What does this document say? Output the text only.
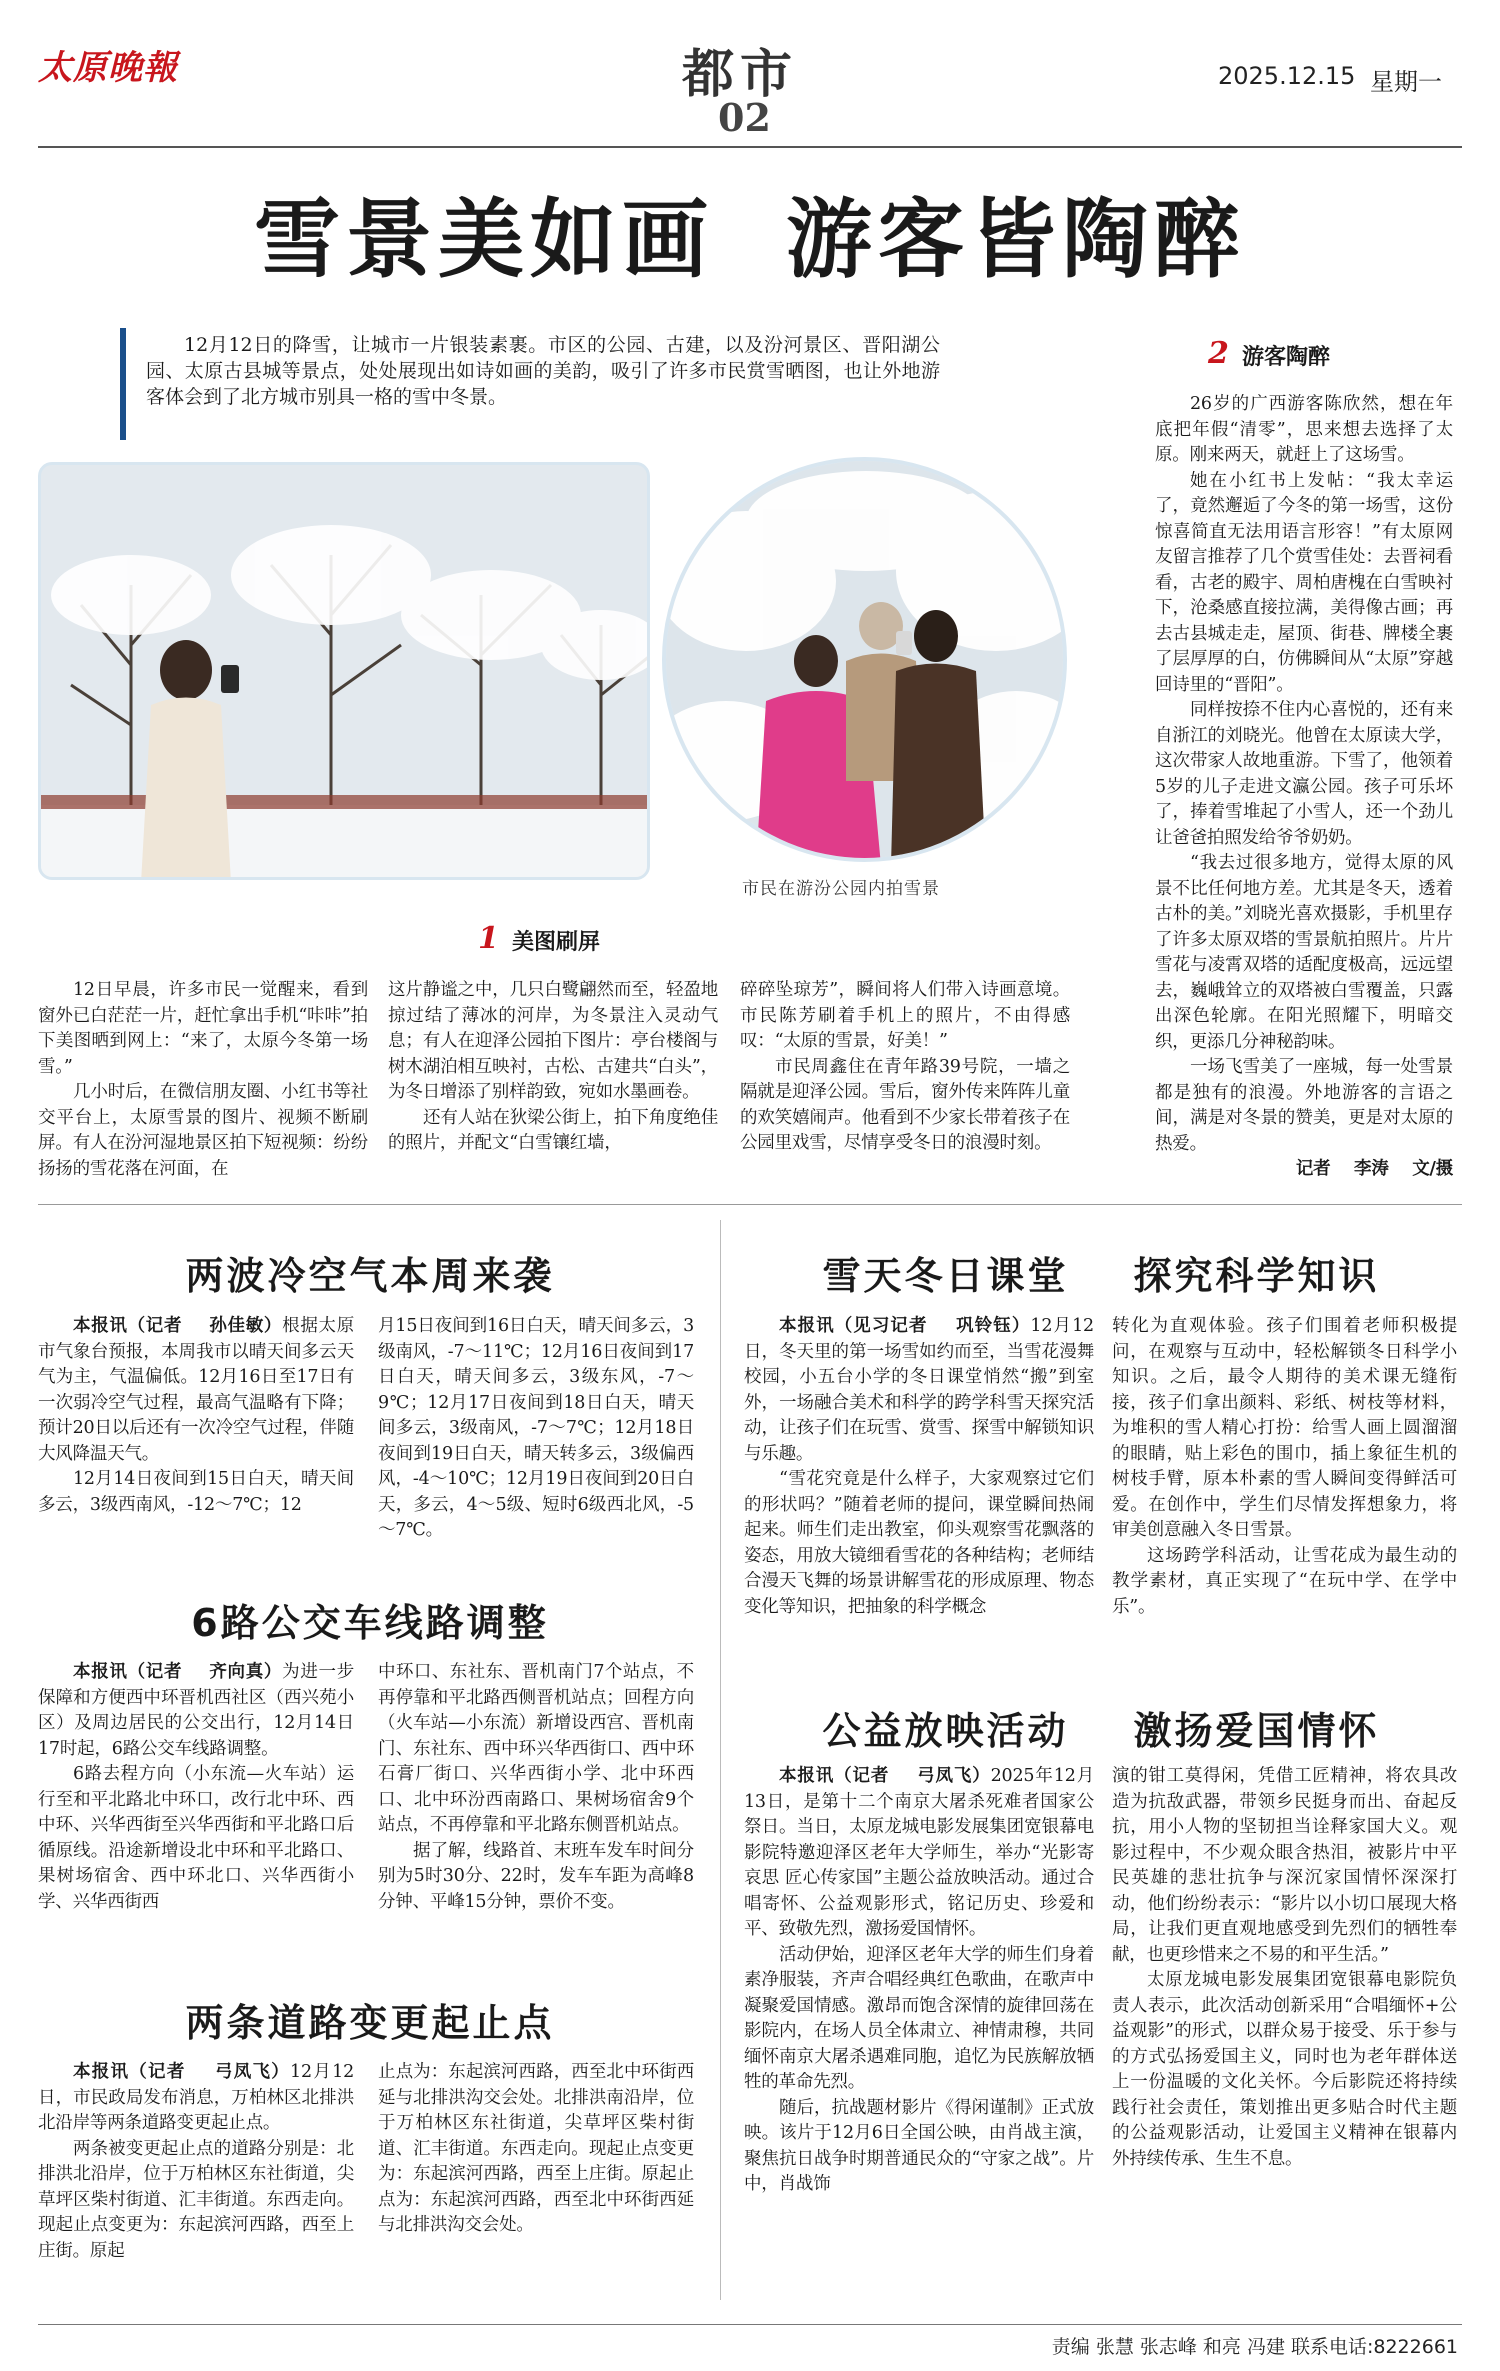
太原晚報	都市
02
2025.12.15 星期一
雪景美如画  游客皆陶醉
12月12日的降雪，让城市一片银装素裹。市区的公园、古建，以及汾河景区、晋阳湖公园、太原古县城等景点，处处展现出如诗如画的美韵，吸引了许多市民赏雪晒图，也让外地游客体会到了北方城市别具一格的雪中冬景。
市民在游汾公园内拍雪景
1 美图刷屏

12日早晨，许多市民一觉醒来，看到窗外已白茫茫一片，赶忙拿出手机“咔咔”拍下美图晒到网上：“来了，太原今冬第一场雪。”

几小时后，在微信朋友圈、小红书等社交平台上，太原雪景的图片、视频不断刷屏。有人在汾河湿地景区拍下短视频：纷纷扬扬的雪花落在河面，在

这片静谧之中，几只白鹭翩然而至，轻盈地掠过结了薄冰的河岸，为冬景注入灵动气息；有人在迎泽公园拍下图片：亭台楼阁与树木湖泊相互映衬，古松、古建共“白头”，为冬日增添了别样韵致，宛如水墨画卷。

还有人站在狄梁公街上，拍下角度绝佳的照片，并配文“白雪镶红墙，

碎碎坠琼芳”，瞬间将人们带入诗画意境。市民陈芳刷着手机上的照片，不由得感叹：“太原的雪景，好美！”

市民周鑫住在青年路39号院，一墙之隔就是迎泽公园。雪后，窗外传来阵阵儿童的欢笑嬉闹声。他看到不少家长带着孩子在公园里戏雪，尽情享受冬日的浪漫时刻。

2 游客陶醉

26岁的广西游客陈欣然，想在年底把年假“清零”，思来想去选择了太原。刚来两天，就赶上了这场雪。

她在小红书上发帖：“我太幸运了，竟然邂逅了今冬的第一场雪，这份惊喜简直无法用语言形容！”有太原网友留言推荐了几个赏雪佳处：去晋祠看看，古老的殿宇、周柏唐槐在白雪映衬下，沧桑感直接拉满，美得像古画；再去古县城走走，屋顶、街巷、牌楼全裹了层厚厚的白，仿佛瞬间从“太原”穿越回诗里的“晋阳”。

同样按捺不住内心喜悦的，还有来自浙江的刘晓光。他曾在太原读大学，这次带家人故地重游。下雪了，他领着5岁的儿子走进文瀛公园。孩子可乐坏了，捧着雪堆起了小雪人，还一个劲儿让爸爸拍照发给爷爷奶奶。

“我去过很多地方，觉得太原的风景不比任何地方差。尤其是冬天，透着古朴的美。”刘晓光喜欢摄影，手机里存了许多太原双塔的雪景航拍照片。片片雪花与凌霄双塔的适配度极高，远远望去，巍峨耸立的双塔被白雪覆盖，只露出深色轮廓。在阳光照耀下，明暗交织，更添几分神秘韵味。

一场飞雪美了一座城，每一处雪景都是独有的浪漫。外地游客的言语之间，满是对冬景的赞美，更是对太原的热爱。

记者    李涛    文/摄

两波冷空气本周来袭

本报讯（记者    孙佳敏）根据太原市气象台预报，本周我市以晴天间多云天气为主，气温偏低。12月16日至17日有一次弱冷空气过程，最高气温略有下降；预计20日以后还有一次冷空气过程，伴随大风降温天气。

12月14日夜间到15日白天，晴天间多云，3级西南风，-12～7℃；12

月15日夜间到16日白天，晴天间多云，3级南风，-7～11℃；12月16日夜间到17日白天，晴天间多云，3级东风，-7～9℃；12月17日夜间到18日白天，晴天间多云，3级南风，-7～7℃；12月18日夜间到19日白天，晴天转多云，3级偏西风，-4～10℃；12月19日夜间到20日白天，多云，4～5级、短时6级西北风，-5～7℃。

6路公交车线路调整

本报讯（记者    齐向真）为进一步保障和方便西中环晋机西社区（西兴苑小区）及周边居民的公交出行，12月14日17时起，6路公交车线路调整。

6路去程方向（小东流—火车站）运行至和平北路北中环口，改行北中环、西中环、兴华西街至兴华西街和平北路口后循原线。沿途新增设北中环和平北路口、果树场宿舍、西中环北口、兴华西街小学、兴华西街西

中环口、东社东、晋机南门7个站点，不再停靠和平北路西侧晋机站点；回程方向（火车站—小东流）新增设西宫、晋机南门、东社东、西中环兴华西街口、西中环石膏厂街口、兴华西街小学、北中环西口、北中环汾西南路口、果树场宿舍9个站点，不再停靠和平北路东侧晋机站点。

据了解，线路首、末班车发车时间分别为5时30分、22时，发车车距为高峰8分钟、平峰15分钟，票价不变。

两条道路变更起止点

本报讯（记者    弓凤飞）12月12日，市民政局发布消息，万柏林区北排洪北沿岸等两条道路变更起止点。

两条被变更起止点的道路分别是：北排洪北沿岸，位于万柏林区东社街道，尖草坪区柴村街道、汇丰街道。东西走向。现起止点变更为：东起滨河西路，西至上庄街。原起

止点为：东起滨河西路，西至北中环街西延与北排洪沟交会处。北排洪南沿岸，位于万柏林区东社街道，尖草坪区柴村街道、汇丰街道。东西走向。现起止点变更为：东起滨河西路，西至上庄街。原起止点为：东起滨河西路，西至北中环街西延与北排洪沟交会处。

雪天冬日课堂    探究科学知识

本报讯（见习记者    巩铃钰）12月12日，冬天里的第一场雪如约而至，当雪花漫舞校园，小五台小学的冬日课堂悄然“搬”到室外，一场融合美术和科学的跨学科雪天探究活动，让孩子们在玩雪、赏雪、探雪中解锁知识与乐趣。

“雪花究竟是什么样子，大家观察过它们的形状吗？”随着老师的提问，课堂瞬间热闹起来。师生们走出教室，仰头观察雪花飘落的姿态，用放大镜细看雪花的各种结构；老师结合漫天飞舞的场景讲解雪花的形成原理、物态变化等知识，把抽象的科学概念

转化为直观体验。孩子们围着老师积极提问，在观察与互动中，轻松解锁冬日科学小知识。之后，最令人期待的美术课无缝衔接，孩子们拿出颜料、彩纸、树枝等材料，为堆积的雪人精心打扮：给雪人画上圆溜溜的眼睛，贴上彩色的围巾，插上象征生机的树枝手臂，原本朴素的雪人瞬间变得鲜活可爱。在创作中，学生们尽情发挥想象力，将审美创意融入冬日雪景。

这场跨学科活动，让雪花成为最生动的教学素材，真正实现了“在玩中学、在学中乐”。

公益放映活动    激扬爱国情怀

本报讯（记者    弓凤飞）2025年12月13日，是第十二个南京大屠杀死难者国家公祭日。当日，太原龙城电影发展集团宽银幕电影院特邀迎泽区老年大学师生，举办“光影寄哀思 匠心传家国”主题公益放映活动。通过合唱寄怀、公益观影形式，铭记历史、珍爱和平、致敬先烈，激扬爱国情怀。

活动伊始，迎泽区老年大学的师生们身着素净服装，齐声合唱经典红色歌曲，在歌声中凝聚爱国情感。激昂而饱含深情的旋律回荡在影院内，在场人员全体肃立、神情肃穆，共同缅怀南京大屠杀遇难同胞，追忆为民族解放牺牲的革命先烈。

随后，抗战题材影片《得闲谨制》正式放映。该片于12月6日全国公映，由肖战主演，聚焦抗日战争时期普通民众的“守家之战”。片中，肖战饰

演的钳工莫得闲，凭借工匠精神，将农具改造为抗敌武器，带领乡民挺身而出、奋起反抗，用小人物的坚韧担当诠释家国大义。观影过程中，不少观众眼含热泪，被影片中平民英雄的悲壮抗争与深沉家国情怀深深打动，他们纷纷表示：“影片以小切口展现大格局，让我们更直观地感受到先烈们的牺牲奉献，也更珍惜来之不易的和平生活。”

太原龙城电影发展集团宽银幕电影院负责人表示，此次活动创新采用“合唱缅怀+公益观影”的形式，以群众易于接受、乐于参与的方式弘扬爱国主义，同时也为老年群体送上一份温暖的文化关怀。今后影院还将持续践行社会责任，策划推出更多贴合时代主题的公益观影活动，让爱国主义精神在银幕内外持续传承、生生不息。

责编 张慧 张志峰 和亮 冯建 联系电话:8222661
